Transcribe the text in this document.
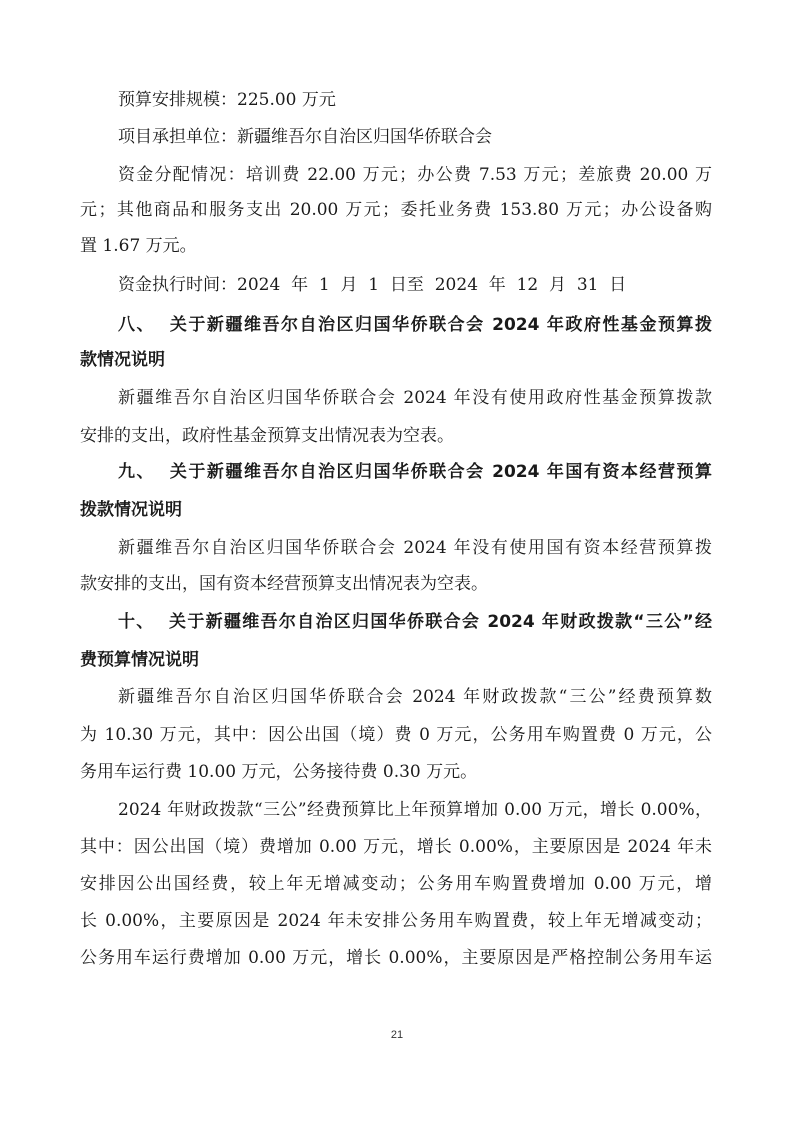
预算安排规模：225.00 万元
项目承担单位：新疆维吾尔自治区归国华侨联合会
资金分配情况：培训费 22.00 万元；办公费 7.53 万元；差旅费 20.00 万
元；其他商品和服务支出 20.00 万元；委托业务费 153.80 万元；办公设备购
置 1.67 万元。
资金执行时间：2024  年  1  月  1  日至  2024  年  12  月  31  日
八、  关于新疆维吾尔自治区归国华侨联合会 2024 年政府性基金预算拨
款情况说明
新疆维吾尔自治区归国华侨联合会 2024 年没有使用政府性基金预算拨款
安排的支出，政府性基金预算支出情况表为空表。
九、  关于新疆维吾尔自治区归国华侨联合会 2024 年国有资本经营预算
拨款情况说明
新疆维吾尔自治区归国华侨联合会 2024 年没有使用国有资本经营预算拨
款安排的支出，国有资本经营预算支出情况表为空表。
十、  关于新疆维吾尔自治区归国华侨联合会 2024 年财政拨款“三公”经
费预算情况说明
新疆维吾尔自治区归国华侨联合会 2024 年财政拨款“三公”经费预算数
为 10.30 万元，其中：因公出国（境）费 0 万元，公务用车购置费 0 万元，公
务用车运行费 10.00 万元，公务接待费 0.30 万元。
2024 年财政拨款“三公”经费预算比上年预算增加 0.00 万元，增长 0.00%，
其中：因公出国（境）费增加 0.00 万元，增长 0.00%，主要原因是 2024 年未
安排因公出国经费，较上年无增减变动；公务用车购置费增加 0.00 万元，增
长 0.00%，主要原因是 2024 年未安排公务用车购置费，较上年无增减变动；
公务用车运行费增加 0.00 万元，增长 0.00%，主要原因是严格控制公务用车运
21
